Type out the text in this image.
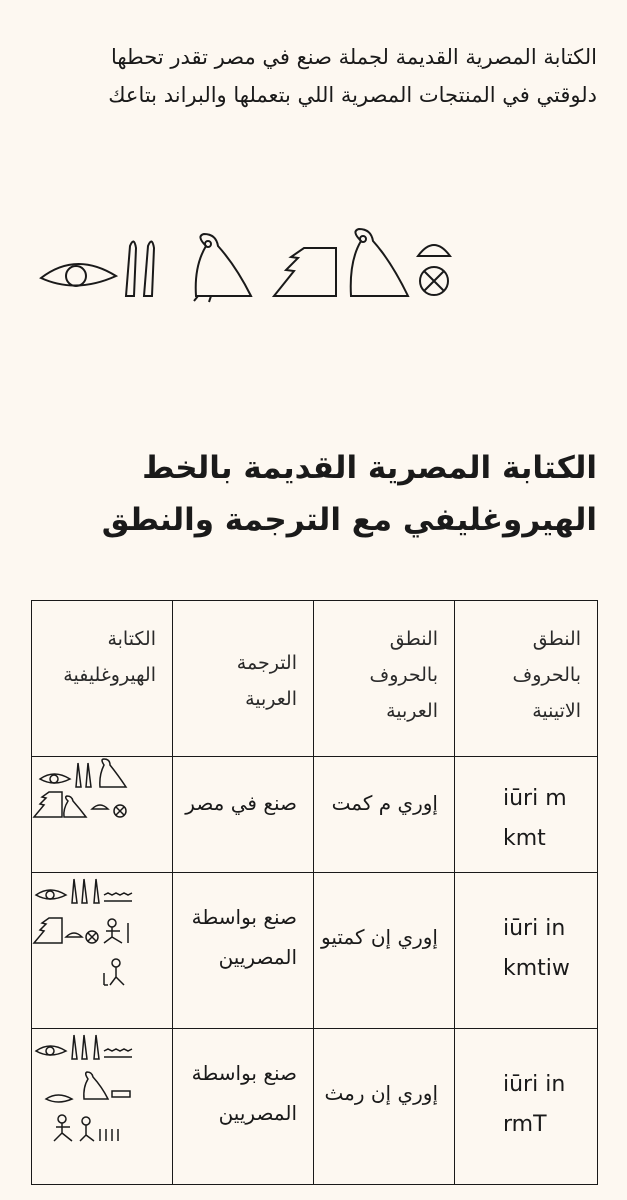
الكتابة المصرية القديمة لجملة صنع في مصر تقدر تحطها
دلوقتي في المنتجات المصرية اللي بتعملها والبراند بتاعك
الكتابة المصرية القديمة بالخط
الهيروغليفي مع الترجمة والنطق
الكتابة الهيروغليفية	الترجمة العربية	النطق بالحروف العربية	النطق بالحروف الاتينية

صنع في مصر	إوري م كمت	iūri m kmt

صنع بواسطة المصريين	إوري إن كمتيو	iūri in kmtiw

صنع بواسطة المصريين	إوري إن رمث	iūri in rmT
